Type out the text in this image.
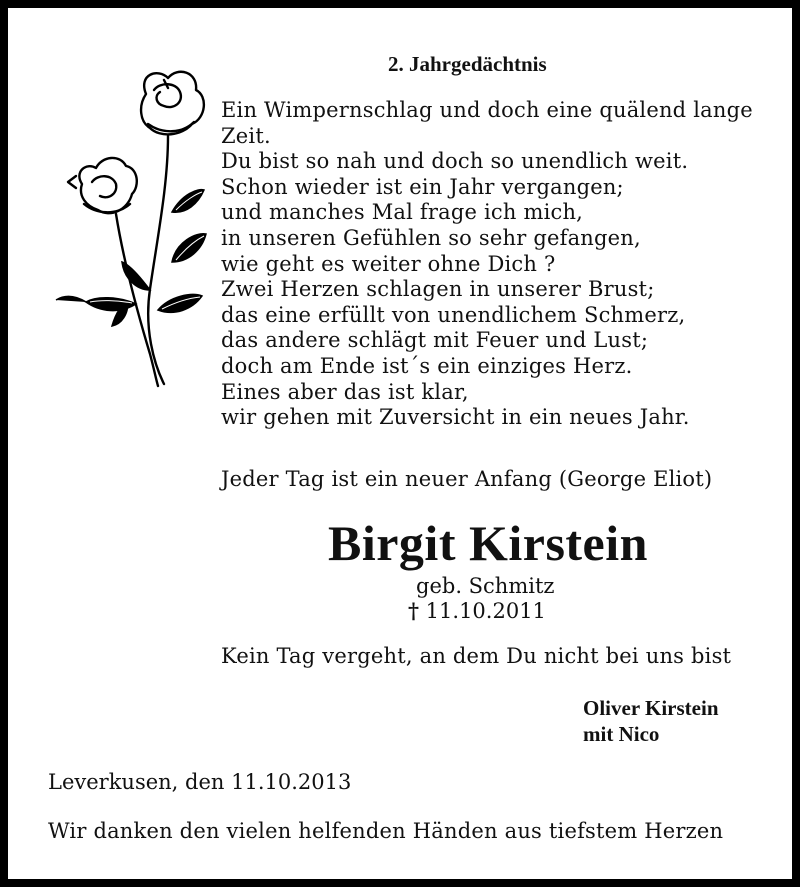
2. Jahrgedächtnis
Ein Wimpernschlag und doch eine quälend lange
Zeit.
Du bist so nah und doch so unendlich weit.
Schon wieder ist ein Jahr vergangen;
und manches Mal frage ich mich,
in unseren Gefühlen so sehr gefangen,
wie geht es weiter ohne Dich ?
Zwei Herzen schlagen in unserer Brust;
das eine erfüllt von unendlichem Schmerz,
das andere schlägt mit Feuer und Lust;
doch am Ende ist´s ein einziges Herz.
Eines aber das ist klar,
wir gehen mit Zuversicht in ein neues Jahr.
Jeder Tag ist ein neuer Anfang (George Eliot)
Birgit Kirstein
geb. Schmitz
† 11.10.2011
Kein Tag vergeht, an dem Du nicht bei uns bist
Oliver Kirstein
mit Nico
Leverkusen, den 11.10.2013
Wir danken den vielen helfenden Händen aus tiefstem Herzen
